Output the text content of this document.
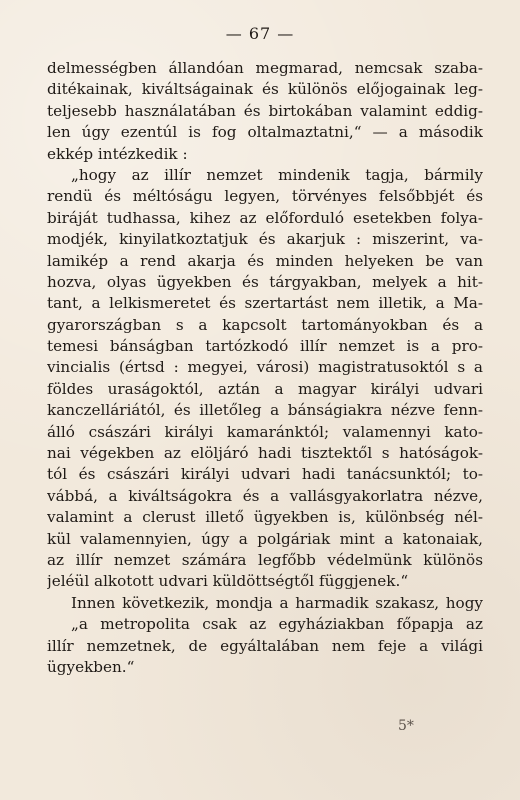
— 67 —
delmességben állandóan megmarad, nemcsak szaba-
ditékainak, kiváltságainak és különös előjogainak leg-
teljesebb használatában és birtokában valamint eddig-
len úgy ezentúl is fog oltalmaztatni,“ — a második
ekkép intézkedik :
„hogy az illír nemzet mindenik tagja, bármily
rendü és méltóságu legyen, törvényes felsőbbjét és
biráját tudhassa, kihez az előforduló esetekben folya-
modjék, kinyilatkoztatjuk és akarjuk : miszerint, va-
lamikép a rend akarja és minden helyeken be van
hozva, olyas ügyekben és tárgyakban, melyek a hit-
tant, a lelkismeretet és szertartást nem illetik, a Ma-
gyarországban s a kapcsolt tartományokban és a
temesi bánságban tartózkodó illír nemzet is a pro-
vincialis (értsd : megyei, városi) magistratusoktól s a
földes uraságoktól, aztán a magyar királyi udvari
kanczelláriától, és illetőleg a bánságiakra nézve fenn-
álló császári királyi kamaránktól; valamennyi kato-
nai végekben az elöljáró hadi tisztektől s hatóságok-
tól és császári királyi udvari hadi tanácsunktól; to-
vábbá, a kiváltságokra és a vallásgyakorlatra nézve,
valamint a clerust illető ügyekben is, különbség nél-
kül valamennyien, úgy a polgáriak mint a katonaiak,
az illír nemzet számára legfőbb védelmünk különös
jeléül alkotott udvari küldöttségtől függjenek.“
Innen következik, mondja a harmadik szakasz, hogy
„a metropolita csak az egyháziakban főpapja az
illír nemzetnek, de egyáltalában nem feje a világi
ügyekben.“
5*
